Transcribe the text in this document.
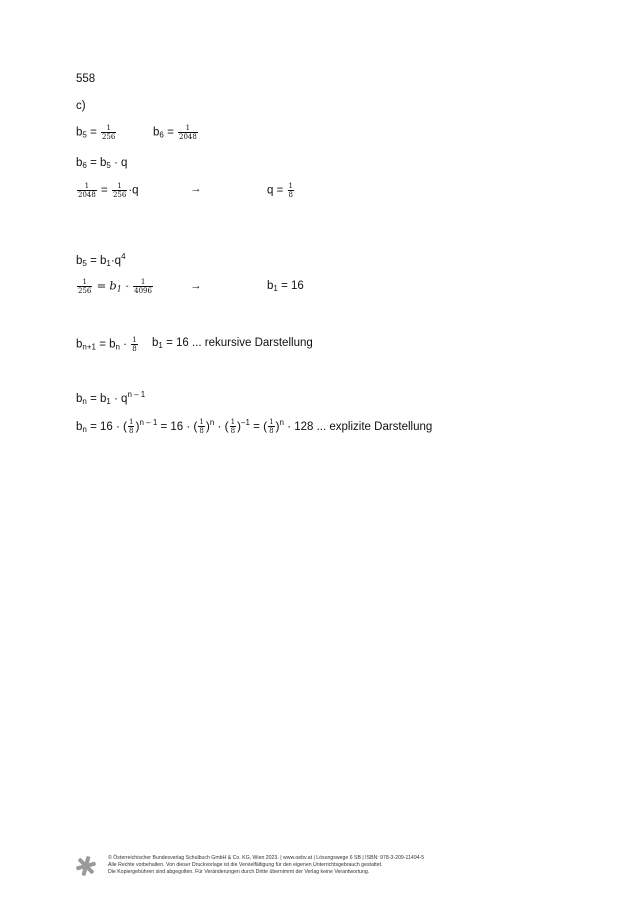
558
c)
$b_5 = \frac{1}{256}$	$b_6 = \frac{1}{2048}$
$b_6 = b_5 \cdot q$
$\frac{1}{2048} = \frac{1}{256} \cdot q$	→	$q = \frac{1}{8}$
$b_5 = b_1\cdot q^4$
$\frac{1}{256} = b_1 \cdot \frac{1}{4096}$	→	$b_1 = 16$
$b_{n+1} = b_n \cdot \frac{1}{8} b_1 = 16$ ... rekursive Darstellung
$b_n = b_1 \cdot q^{n - 1}$
$b_n = 16$ · ( $\frac{1}{8} )^{n - 1} = 16$ · ( $\frac{1}{8} )^n$ · ( $\frac{1}{8} )^{-1}$ = ( $\frac{1}{8} )^n \cdot 128$ ... explizite Darstellung
© Österreichischer Bundesverlag Schulbuch GmbH & Co. KG, Wien 2023. | www.oebv.at | Lösungswege 6 SB | ISBN: 978-3-209-11494-5
Alle Rechte vorbehalten. Von dieser Druckvorlage ist die Vervielfältigung für den eigenen Unterrichtsgebrauch gestattet.
Die Kopiergebühren sind abgegolten. Für Veränderungen durch Dritte übernimmt der Verlag keine Verantwortung.
